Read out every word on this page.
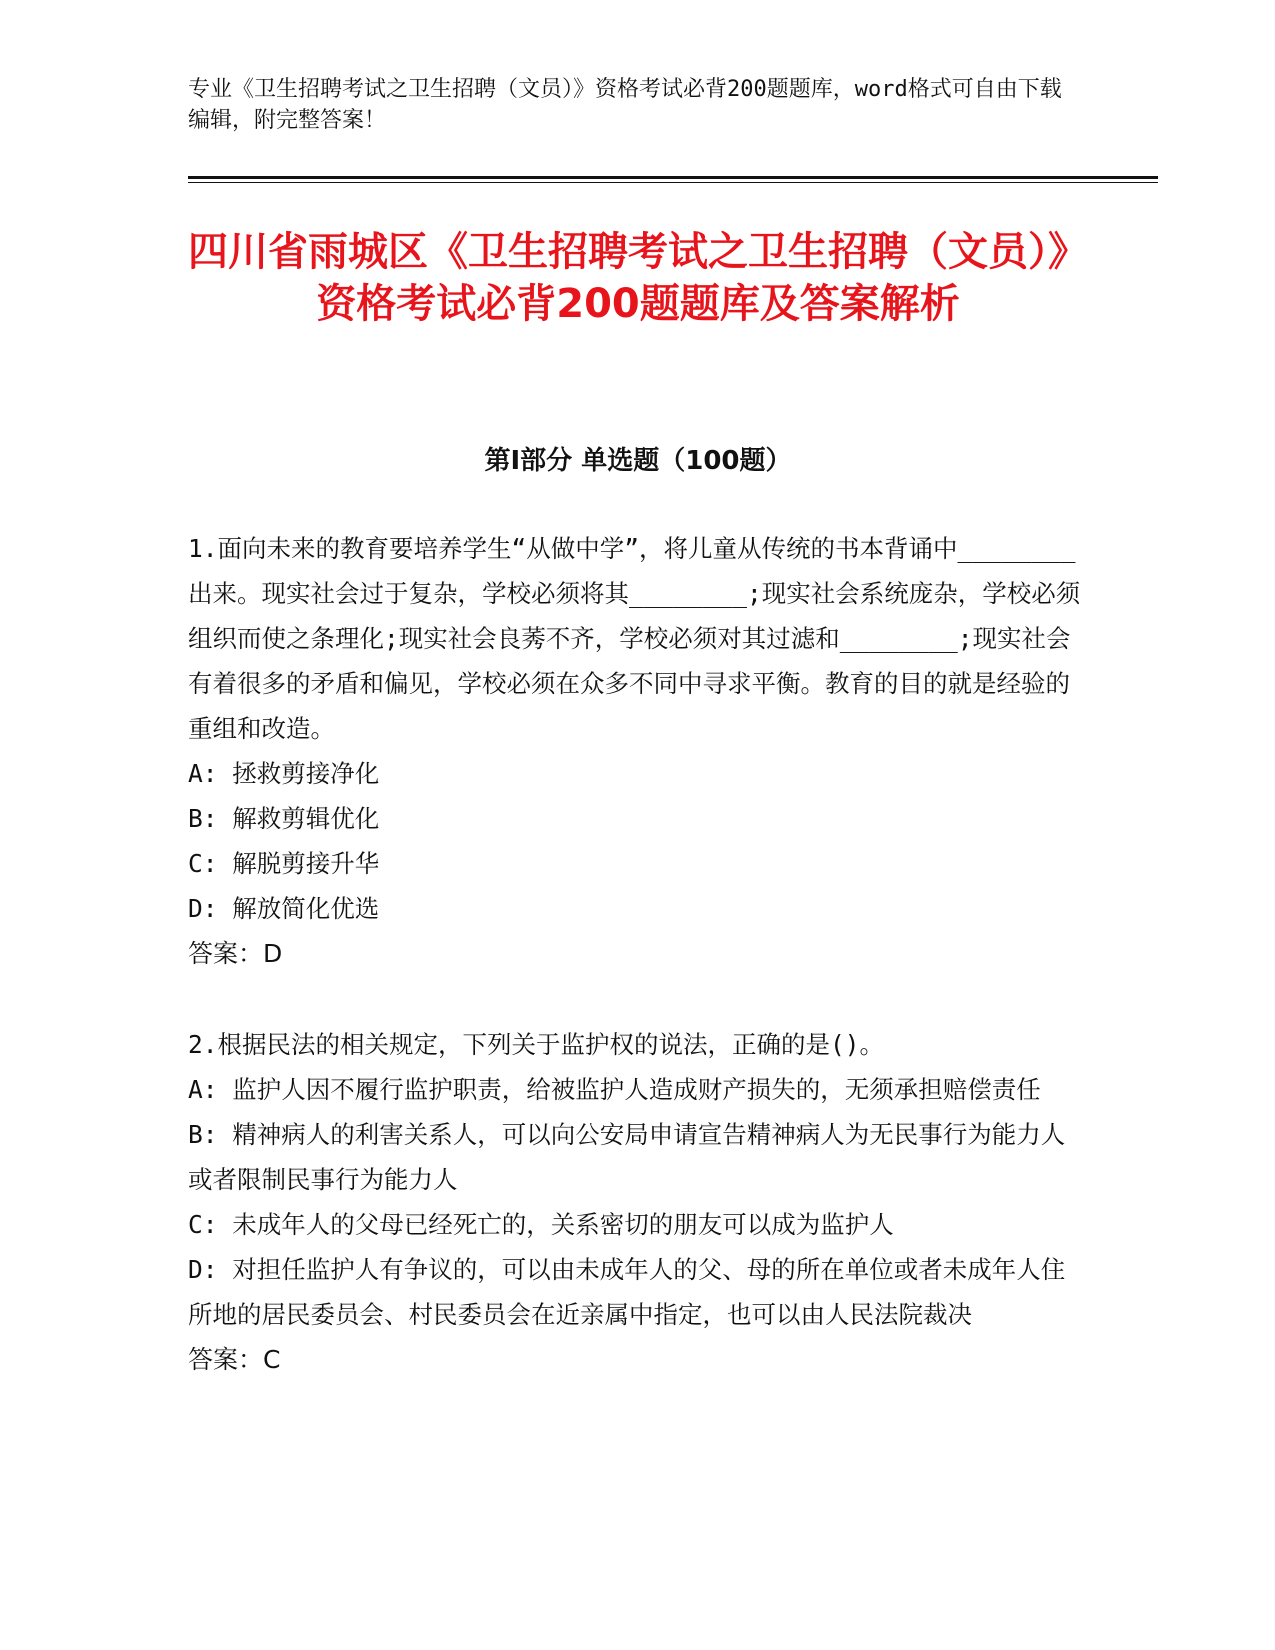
专业《卫生招聘考试之卫生招聘（文员）》资格考试必背200题题库，word格式可自由下载编辑，附完整答案！
四川省雨城区《卫生招聘考试之卫生招聘（文员）》资格考试必背200题题库及答案解析
第I部分 单选题（100题）

1.面向未来的教育要培养学生“从做中学”，将儿童从传统的书本背诵中________出来。现实社会过于复杂，学校必须将其________;现实社会系统庞杂，学校必须组织而使之条理化;现实社会良莠不齐，学校必须对其过滤和________;现实社会有着很多的矛盾和偏见，学校必须在众多不同中寻求平衡。教育的目的就是经验的重组和改造。

A: 拯救剪接净化

B: 解救剪辑优化

C: 解脱剪接升华

D: 解放简化优选

答案：D

2.根据民法的相关规定，下列关于监护权的说法，正确的是()。

A: 监护人因不履行监护职责，给被监护人造成财产损失的，无须承担赔偿责任

B: 精神病人的利害关系人，可以向公安局申请宣告精神病人为无民事行为能力人或者限制民事行为能力人

C: 未成年人的父母已经死亡的，关系密切的朋友可以成为监护人

D: 对担任监护人有争议的，可以由未成年人的父、母的所在单位或者未成年人住所地的居民委员会、村民委员会在近亲属中指定，也可以由人民法院裁决

答案：C
